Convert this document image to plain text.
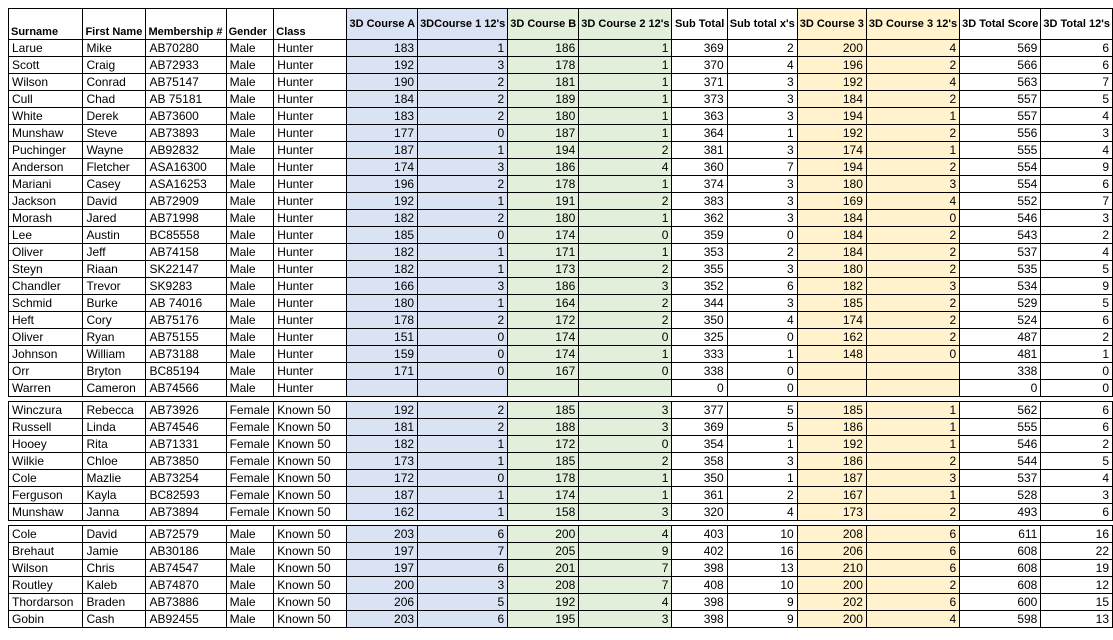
Surname	First Name	Membership #	Gender	Class	3D Course A	3DCourse 1 12's	3D Course B	3D Course 2 12's	Sub Total	Sub total x's	3D Course 3	3D Course 3 12's	3D Total Score	3D Total 12's
Larue	Mike	AB70280	Male	Hunter	183	1	186	1	369	2	200	4	569	6
Scott	Craig	AB72933	Male	Hunter	192	3	178	1	370	4	196	2	566	6
Wilson	Conrad	AB75147	Male	Hunter	190	2	181	1	371	3	192	4	563	7
Cull	Chad	AB 75181	Male	Hunter	184	2	189	1	373	3	184	2	557	5
White	Derek	AB73600	Male	Hunter	183	2	180	1	363	3	194	1	557	4
Munshaw	Steve	AB73893	Male	Hunter	177	0	187	1	364	1	192	2	556	3
Puchinger	Wayne	AB92832	Male	Hunter	187	1	194	2	381	3	174	1	555	4
Anderson	Fletcher	ASA16300	Male	Hunter	174	3	186	4	360	7	194	2	554	9
Mariani	Casey	ASA16253	Male	Hunter	196	2	178	1	374	3	180	3	554	6
Jackson	David	AB72909	Male	Hunter	192	1	191	2	383	3	169	4	552	7
Morash	Jared	AB71998	Male	Hunter	182	2	180	1	362	3	184	0	546	3
Lee	Austin	BC85558	Male	Hunter	185	0	174	0	359	0	184	2	543	2
Oliver	Jeff	AB74158	Male	Hunter	182	1	171	1	353	2	184	2	537	4
Steyn	Riaan	SK22147	Male	Hunter	182	1	173	2	355	3	180	2	535	5
Chandler	Trevor	SK9283	Male	Hunter	166	3	186	3	352	6	182	3	534	9
Schmid	Burke	AB 74016	Male	Hunter	180	1	164	2	344	3	185	2	529	5
Heft	Cory	AB75176	Male	Hunter	178	2	172	2	350	4	174	2	524	6
Oliver	Ryan	AB75155	Male	Hunter	151	0	174	0	325	0	162	2	487	2
Johnson	William	AB73188	Male	Hunter	159	0	174	1	333	1	148	0	481	1
Orr	Bryton	BC85194	Male	Hunter	171	0	167	0	338	0			338	0
Warren	Cameron	AB74566	Male	Hunter					0	0			0	0

Winczura	Rebecca	AB73926	Female	Known 50	192	2	185	3	377	5	185	1	562	6
Russell	Linda	AB74546	Female	Known 50	181	2	188	3	369	5	186	1	555	6
Hooey	Rita	AB71331	Female	Known 50	182	1	172	0	354	1	192	1	546	2
Wilkie	Chloe	AB73850	Female	Known 50	173	1	185	2	358	3	186	2	544	5
Cole	Mazlie	AB73254	Female	Known 50	172	0	178	1	350	1	187	3	537	4
Ferguson	Kayla	BC82593	Female	Known 50	187	1	174	1	361	2	167	1	528	3
Munshaw	Janna	AB73894	Female	Known 50	162	1	158	3	320	4	173	2	493	6

Cole	David	AB72579	Male	Known 50	203	6	200	4	403	10	208	6	611	16
Brehaut	Jamie	AB30186	Male	Known 50	197	7	205	9	402	16	206	6	608	22
Wilson	Chris	AB74547	Male	Known 50	197	6	201	7	398	13	210	6	608	19
Routley	Kaleb	AB74870	Male	Known 50	200	3	208	7	408	10	200	2	608	12
Thordarson	Braden	AB73886	Male	Known 50	206	5	192	4	398	9	202	6	600	15
Gobin	Cash	AB92455	Male	Known 50	203	6	195	3	398	9	200	4	598	13
